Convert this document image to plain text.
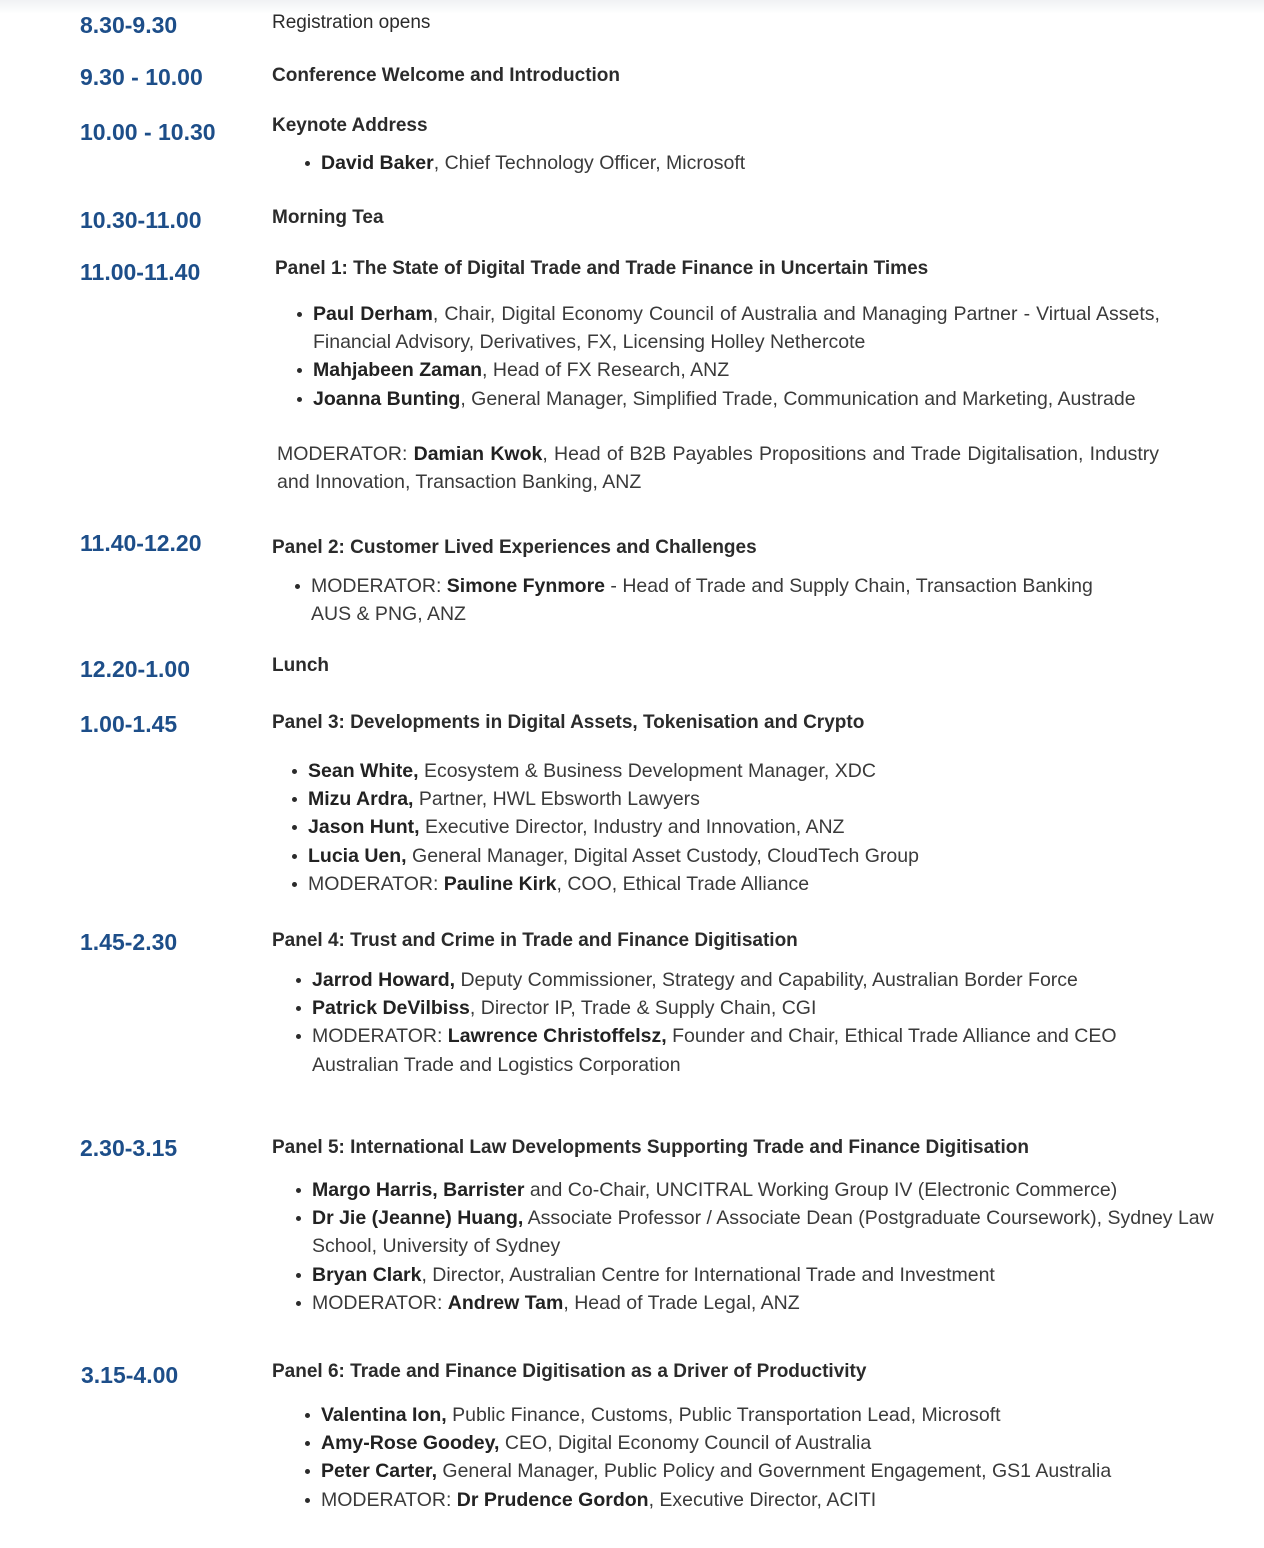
8.30-9.30	Registration opens
9.30 - 10.00	Conference Welcome and Introduction
10.00 - 10.30	Keynote Address
David Baker, Chief Technology Officer, Microsoft
10.30-11.00	Morning Tea
11.00-11.40	Panel 1: The State of Digital Trade and Trade Finance in Uncertain Times
Paul Derham, Chair, Digital Economy Council of Australia and Managing Partner - Virtual Assets, Financial Advisory, Derivatives, FX, Licensing Holley Nethercote
Mahjabeen Zaman, Head of FX Research, ANZ
Joanna Bunting, General Manager, Simplified Trade, Communication and Marketing, Austrade
MODERATOR: Damian Kwok, Head of B2B Payables Propositions and Trade Digitalisation, Industry and Innovation, Transaction Banking, ANZ
11.40-12.20	Panel 2: Customer Lived Experiences and Challenges
MODERATOR: Simone Fynmore - Head of Trade and Supply Chain, Transaction Banking AUS & PNG, ANZ
12.20-1.00	Lunch
1.00-1.45	Panel 3: Developments in Digital Assets, Tokenisation and Crypto
Sean White, Ecosystem & Business Development Manager, XDC
Mizu Ardra, Partner, HWL Ebsworth Lawyers
Jason Hunt, Executive Director, Industry and Innovation, ANZ
Lucia Uen, General Manager, Digital Asset Custody, CloudTech Group
MODERATOR: Pauline Kirk, COO, Ethical Trade Alliance
1.45-2.30	Panel 4: Trust and Crime in Trade and Finance Digitisation
Jarrod Howard, Deputy Commissioner, Strategy and Capability, Australian Border Force
Patrick DeVilbiss, Director IP, Trade & Supply Chain, CGI
MODERATOR: Lawrence Christoffelsz, Founder and Chair, Ethical Trade Alliance and CEO Australian Trade and Logistics Corporation
2.30-3.15	Panel 5: International Law Developments Supporting Trade and Finance Digitisation
Margo Harris, Barrister and Co-Chair, UNCITRAL Working Group IV (Electronic Commerce)
Dr Jie (Jeanne) Huang, Associate Professor / Associate Dean (Postgraduate Coursework), Sydney Law School, University of Sydney
Bryan Clark, Director, Australian Centre for International Trade and Investment
MODERATOR: Andrew Tam, Head of Trade Legal, ANZ
3.15-4.00	Panel 6: Trade and Finance Digitisation as a Driver of Productivity
Valentina Ion, Public Finance, Customs, Public Transportation Lead, Microsoft
Amy-Rose Goodey, CEO, Digital Economy Council of Australia
Peter Carter, General Manager, Public Policy and Government Engagement, GS1 Australia
MODERATOR: Dr Prudence Gordon, Executive Director, ACITI
